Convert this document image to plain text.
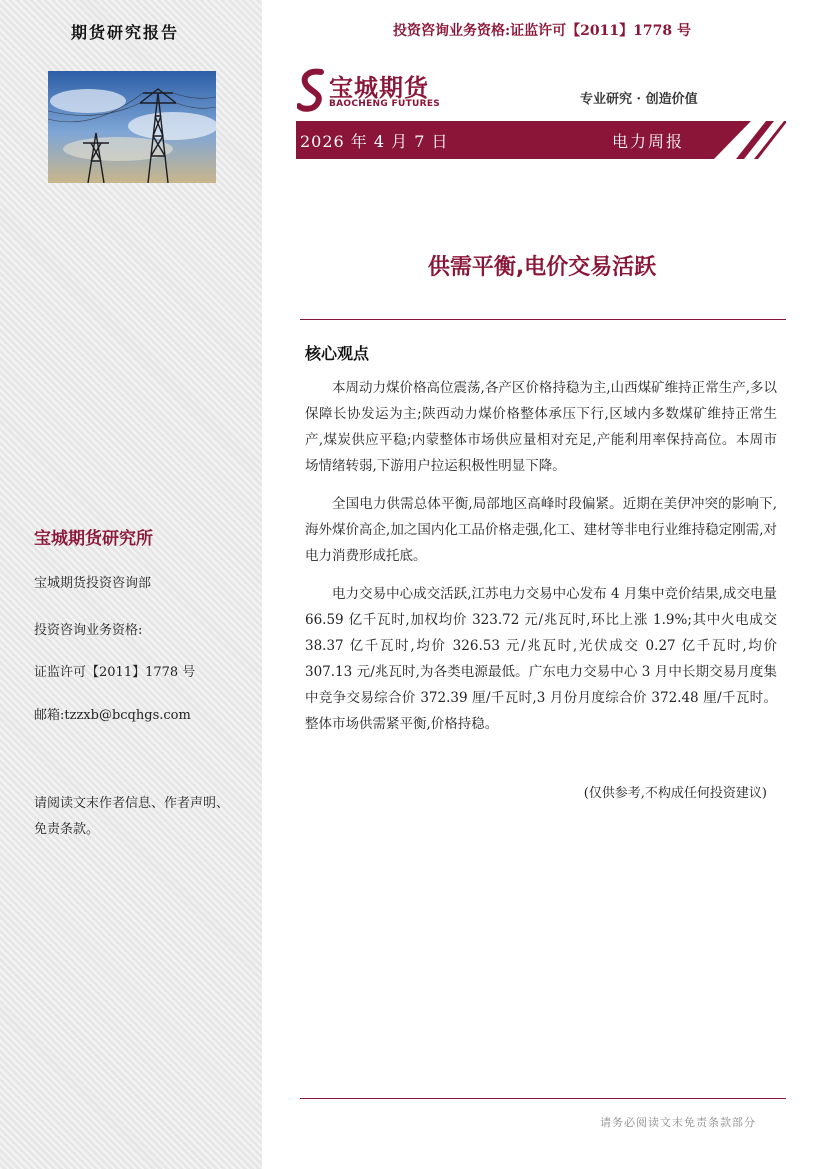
期货研究报告
宝城期货研究所
宝城期货投资咨询部
投资咨询业务资格:
证监许可【2011】1778 号
邮箱:tzzxb@bcqhgs.com
请阅读文末作者信息、作者声明、免责条款。
投资咨询业务资格:证监许可【2011】1778 号
宝城期货
BAOCHENG FUTURES	专业研究 · 创造价值
2026 年 4 月 7 日	电力周报
供需平衡,电价交易活跃
核心观点

本周动力煤价格高位震荡,各产区价格持稳为主,山西煤矿维持正常生产,多以保障长协发运为主;陕西动力煤价格整体承压下行,区域内多数煤矿维持正常生产,煤炭供应平稳;内蒙整体市场供应量相对充足,产能利用率保持高位。本周市场情绪转弱,下游用户拉运积极性明显下降。

全国电力供需总体平衡,局部地区高峰时段偏紧。近期在美伊冲突的影响下,海外煤价高企,加之国内化工品价格走强,化工、建材等非电行业维持稳定刚需,对电力消费形成托底。

电力交易中心成交活跃,江苏电力交易中心发布 4 月集中竞价结果,成交电量 66.59 亿千瓦时,加权均价 323.72 元/兆瓦时,环比上涨 1.9%;其中火电成交 38.37 亿千瓦时,均价 326.53 元/兆瓦时,光伏成交 0.27 亿千瓦时,均价 307.13 元/兆瓦时,为各类电源最低。广东电力交易中心 3 月中长期交易月度集中竞争交易综合价 372.39 厘/千瓦时,3 月份月度综合价 372.48 厘/千瓦时。整体市场供需紧平衡,价格持稳。

(仅供参考,不构成任何投资建议)
请务必阅读文末免责条款部分
